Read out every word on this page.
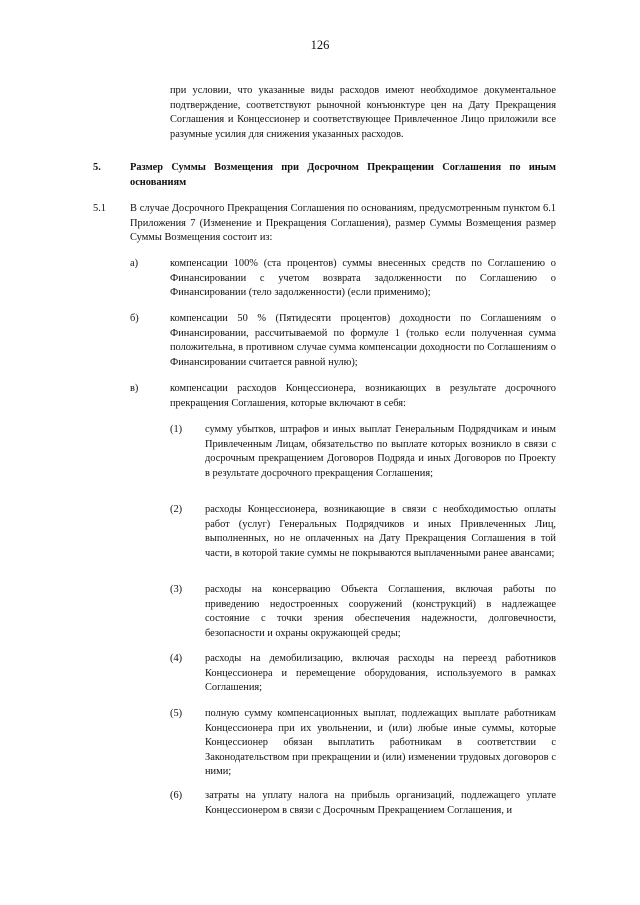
126
при условии, что указанные виды расходов имеют необходимое документальное подтверждение, соответствуют рыночной конъюнктуре цен на Дату Прекращения Соглашения и Концессионер и соответствующее Привлеченное Лицо приложили все разумные усилия для снижения указанных расходов.
5.	Размер Суммы Возмещения при Досрочном Прекращении Соглашения по иным основаниям
5.1 В случае Досрочного Прекращения Соглашения по основаниям, предусмотренным пунктом 6.1 Приложения 7 (Изменение и Прекращения Соглашения), размер Суммы Возмещения размер Суммы Возмещения состоит из:
а)	компенсации 100% (ста процентов) суммы внесенных средств по Соглашению о Финансировании с учетом возврата задолженности по Соглашению о Финансировании (тело задолженности) (если применимо);
б)	компенсации 50 % (Пятидесяти процентов) доходности по Соглашениям о Финансировании, рассчитываемой по формуле 1 (только если полученная сумма положительна, в противном случае сумма компенсации доходности по Соглашениям о Финансировании считается равной нулю);
в)	компенсации расходов Концессионера, возникающих в результате досрочного прекращения Соглашения, которые включают в себя:
(1) сумму убытков, штрафов и иных выплат Генеральным Подрядчикам и иным Привлеченным Лицам, обязательство по выплате которых возникло в связи с досрочным прекращением Договоров Подряда и иных Договоров по Проекту в результате досрочного прекращения Соглашения;
(2) расходы Концессионера, возникающие в связи с необходимостью оплаты работ (услуг) Генеральных Подрядчиков и иных Привлеченных Лиц, выполненных, но не оплаченных на Дату Прекращения Соглашения в той части, в которой такие суммы не покрываются выплаченными ранее авансами;
(3) расходы на консервацию Объекта Соглашения, включая работы по приведению недостроенных сооружений (конструкций) в надлежащее состояние с точки зрения обеспечения надежности, долговечности, безопасности и охраны окружающей среды;
(4) расходы на демобилизацию, включая расходы на переезд работников Концессионера и перемещение оборудования, используемого в рамках Соглашения;
(5) полную сумму компенсационных выплат, подлежащих выплате работникам Концессионера при их увольнении, и (или) любые иные суммы, которые Концессионер обязан выплатить работникам в соответствии с Законодательством при прекращении и (или) изменении трудовых договоров с ними;
(6) затраты на уплату налога на прибыль организаций, подлежащего уплате Концессионером в связи с Досрочным Прекращением Соглашения, и
